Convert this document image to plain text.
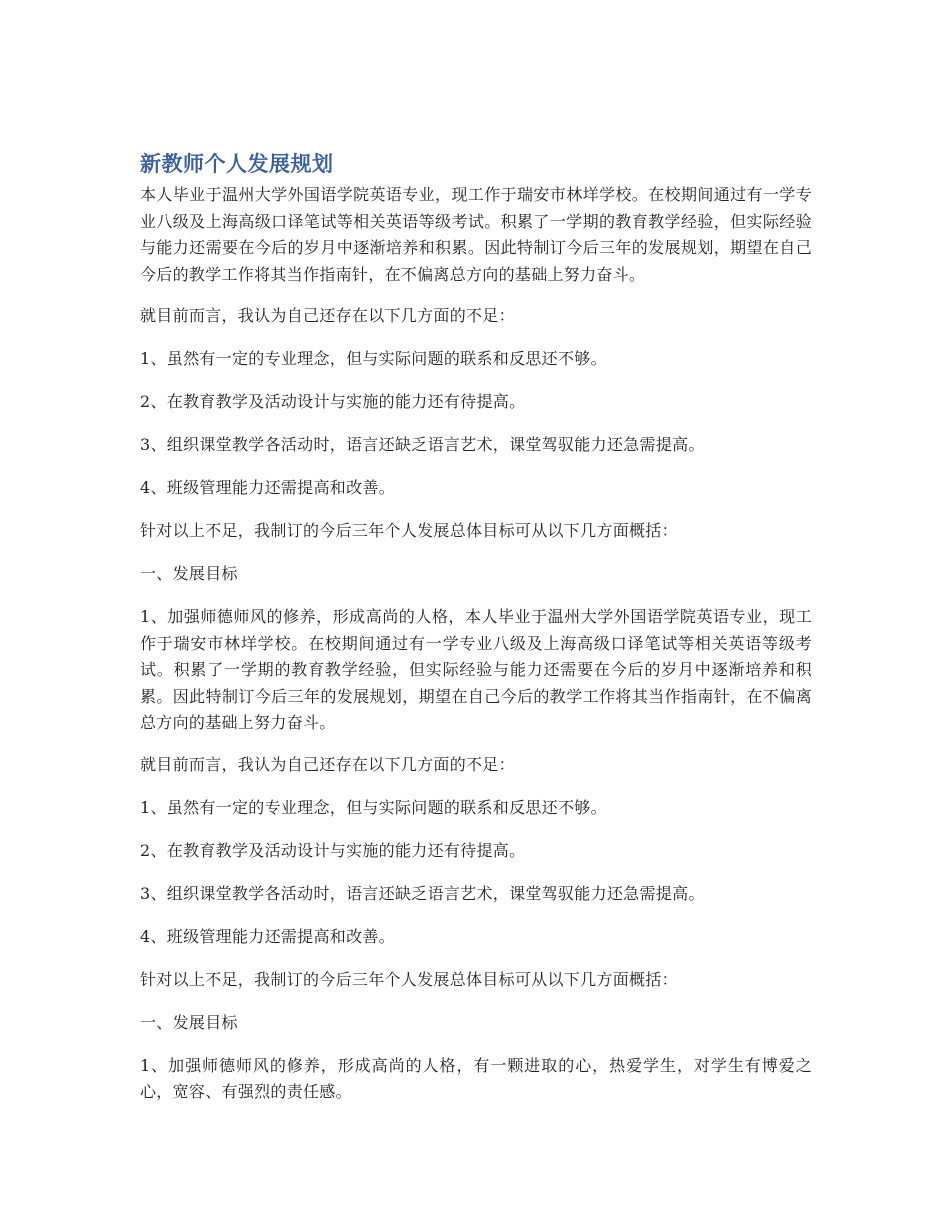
新教师个人发展规划

本人毕业于温州大学外国语学院英语专业，现工作于瑞安市林垟学校。在校期间通过有一学专业八级及上海高级口译笔试等相关英语等级考试。积累了一学期的教育教学经验，但实际经验与能力还需要在今后的岁月中逐渐培养和积累。因此特制订今后三年的发展规划，期望在自己今后的教学工作将其当作指南针，在不偏离总方向的基础上努力奋斗。

就目前而言，我认为自己还存在以下几方面的不足：

1、虽然有一定的专业理念，但与实际问题的联系和反思还不够。

2、在教育教学及活动设计与实施的能力还有待提高。

3、组织课堂教学各活动时，语言还缺乏语言艺术，课堂驾驭能力还急需提高。

4、班级管理能力还需提高和改善。

针对以上不足，我制订的今后三年个人发展总体目标可从以下几方面概括：

一、发展目标

1、加强师德师风的修养，形成高尚的人格，本人毕业于温州大学外国语学院英语专业，现工作于瑞安市林垟学校。在校期间通过有一学专业八级及上海高级口译笔试等相关英语等级考试。积累了一学期的教育教学经验，但实际经验与能力还需要在今后的岁月中逐渐培养和积累。因此特制订今后三年的发展规划，期望在自己今后的教学工作将其当作指南针，在不偏离总方向的基础上努力奋斗。

就目前而言，我认为自己还存在以下几方面的不足：

1、虽然有一定的专业理念，但与实际问题的联系和反思还不够。

2、在教育教学及活动设计与实施的能力还有待提高。

3、组织课堂教学各活动时，语言还缺乏语言艺术，课堂驾驭能力还急需提高。

4、班级管理能力还需提高和改善。

针对以上不足，我制订的今后三年个人发展总体目标可从以下几方面概括：

一、发展目标

1、加强师德师风的修养，形成高尚的人格，有一颗进取的心，热爱学生，对学生有博爱之心，宽容、有强烈的责任感。
